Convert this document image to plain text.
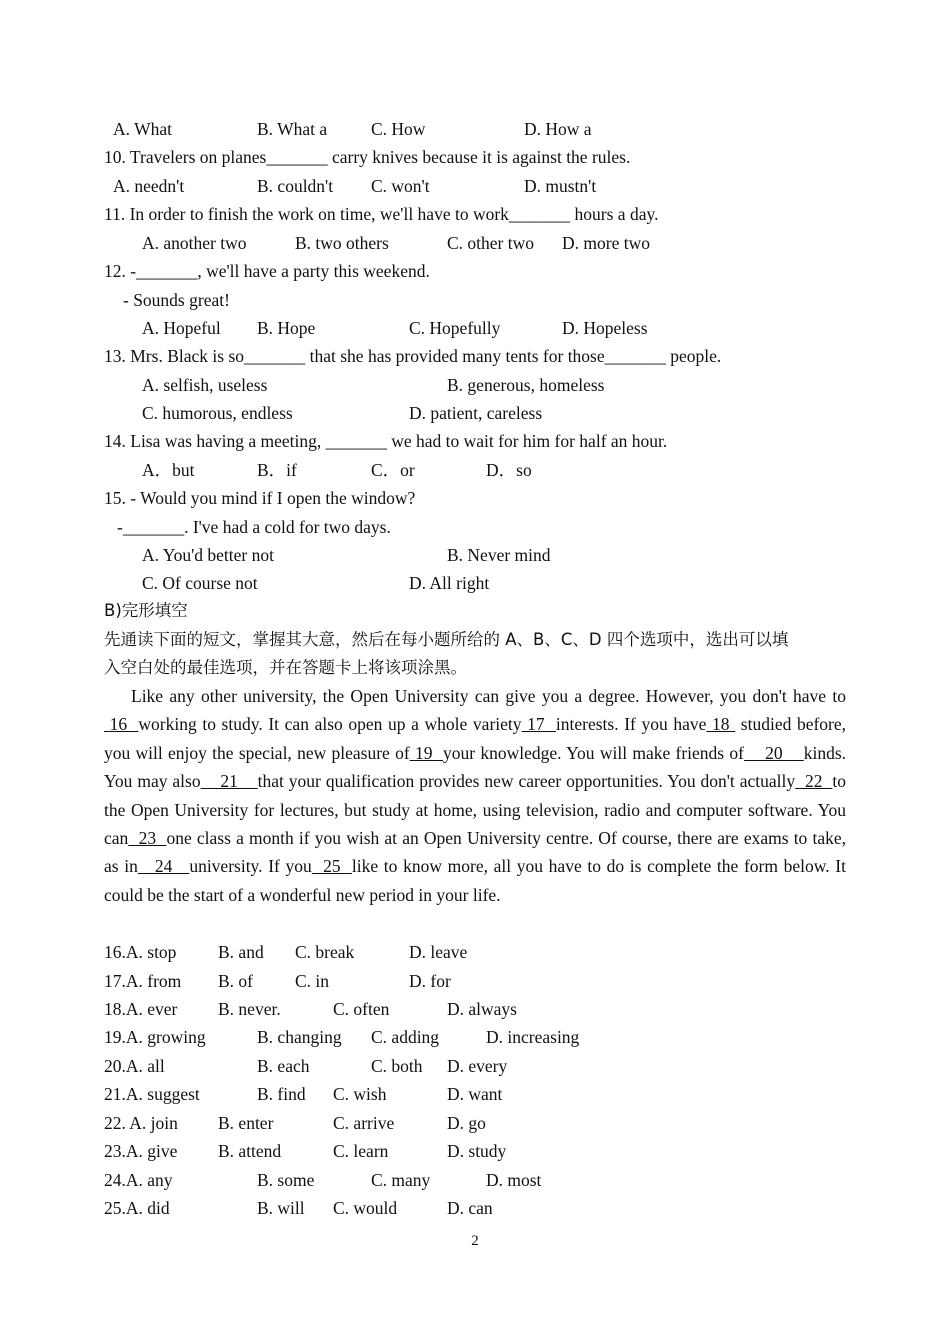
A. What	B. What a	C. How	D. How a
10. Travelers on planes_______ carry knives because it is against the rules.
A. needn't	B. couldn't C. won't	D. mustn't
11. In order to finish the work on time, we'll have to work_______ hours a day.
A. another two	B. two others	C. other two D. more two
12. -_______, we'll have a party this weekend.
- Sounds great!
A. Hopeful B. Hope	C. Hopefully	D. Hopeless
13. Mrs. Black is so_______ that she has provided many tents for those_______ people.
A. selfish, useless	B. generous, homeless
C. humorous, endless	D. patient, careless
14. Lisa was having a meeting, _______ we had to wait for him for half an hour.
A．but	B．if	C．or	D．so
15. - Would you mind if I open the window?
-_______. I've had a cold for two days.
A. You'd better not	B. Never mind
C. Of course not	D. All right
B)完形填空
先通读下面的短文，掌握其大意，然后在每小题所给的 A、B、C、D 四个选项中，选出可以填
入空白处的最佳选项，并在答题卡上将该项涂黑。
Like any other university, the Open University can give you a degree. However, you don't have to 16  working to study. It can also open up a whole variety 17  interests. If you have 18  studied before, you will enjoy the special, new pleasure of 19  your knowledge. You will make friends of    20    kinds. You may also    21    that your qualification provides new career opportunities. You don't actually  22  to the Open University for lectures, but study at home, using television, radio and computer software. You can  23  one class a month if you wish at an Open University centre. Of course, there are exams to take, as in   24   university. If you  25  like to know more, all you have to do is complete the form below. It could be the start of a wonderful new period in your life.
16.A. stop B. and C. break	D. leave
17.A. from B. of C. in	D. for
18.A. ever B. never.	C. often	D. always
19.A. growing	B. changing C. adding	D. increasing
20.A. all	B. each	C. both D. every
21.A. suggest	B. find C. wish	D. want
22. A. join B. enter	C. arrive	D. go
23.A. give B. attend	C. learn	D. study
24.A. any	B. some	C. many	D. most
25.A. did	B. will C. would	D. can
2
